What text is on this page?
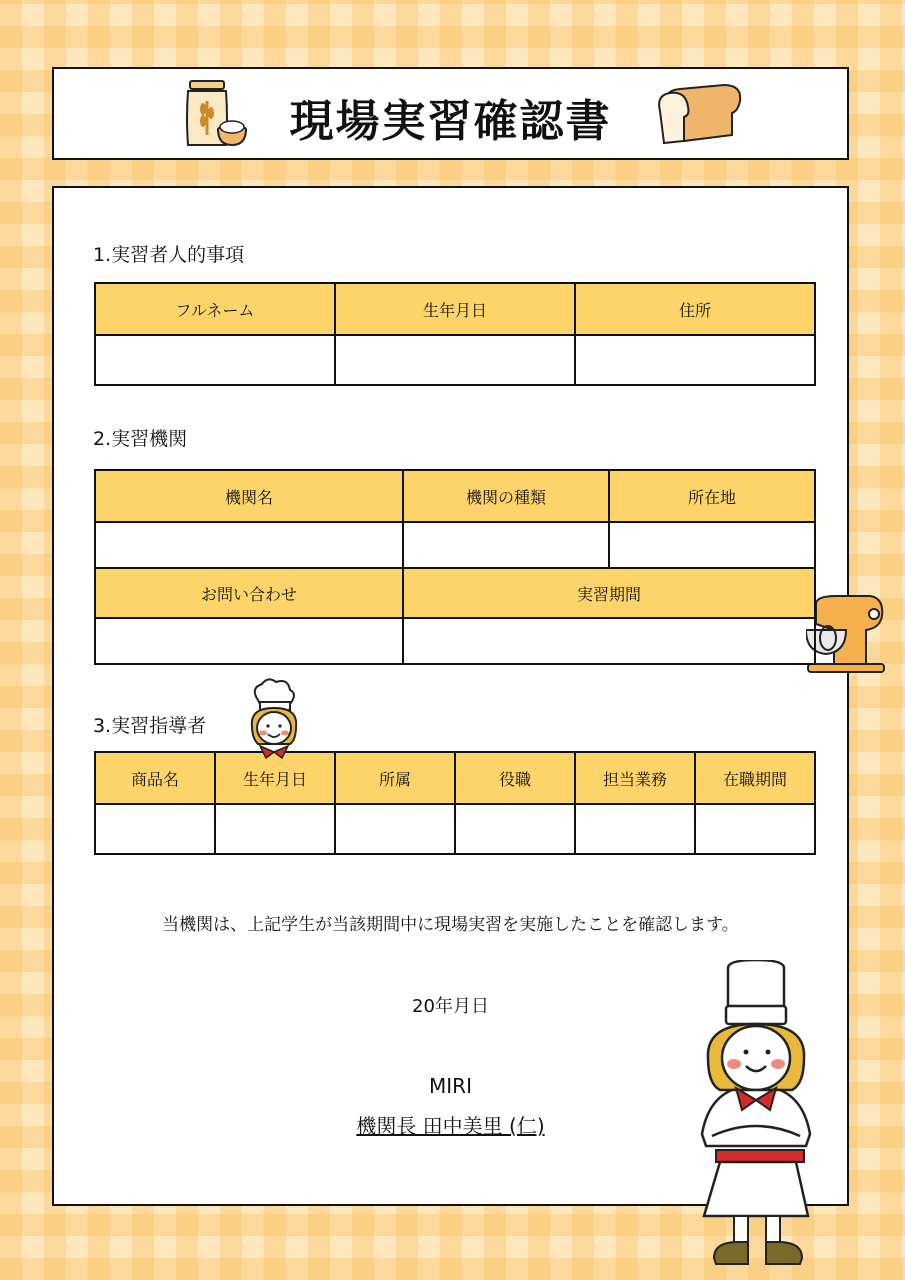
現場実習確認書
1.実習者人的事項
フルネーム	生年月日	住所

2.実習機関
機関名	機関の種類	所在地

お問い合わせ	実習期間	

3.実習指導者
商品名	生年月日	所属	役職	担当業務	在職期間

当機関は、上記学生が当該期間中に現場実習を実施したことを確認します。
20年月日
MIRI
機関長 田中美里 (仁)
